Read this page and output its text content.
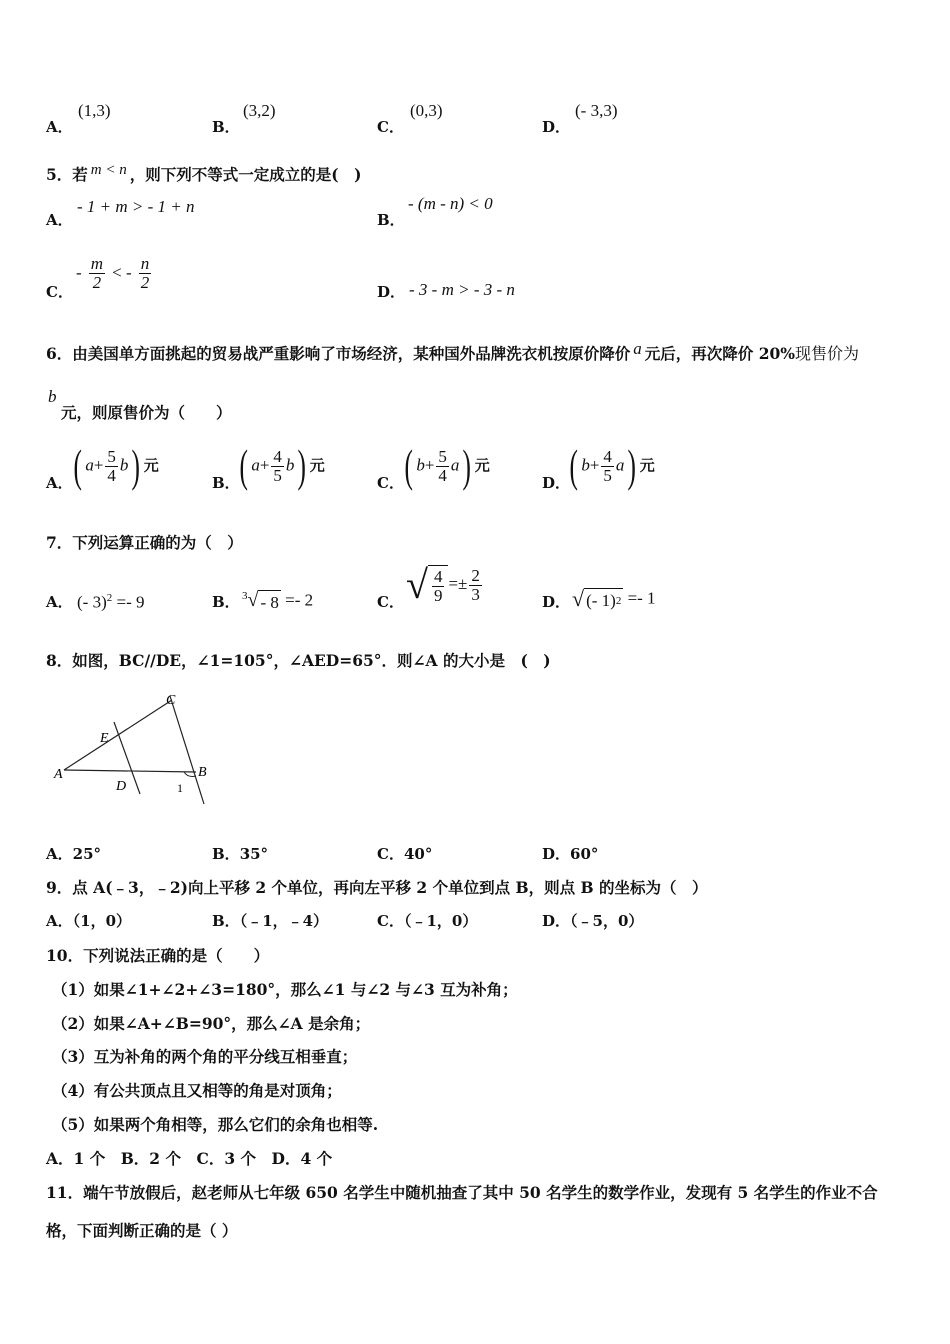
A．
(1,3)
B．
(3,2)
C．
(0,3)
D．
(- 3,3)
5．若 m < n ，则下列不等式一定成立的是(　)
A．
- 1 + m > - 1 + n
B．
- (m - n) < 0
C．
- $\frac{m}{2}$ < - $\frac{n}{2}$
D． - 3 - m > - 3 - n
6．由美国单方面挑起的贸易战严重影响了市场经济，某种国外品牌洗衣机按原价降价 a 元后，再次降价 20%现售价为
b
元，则原售价为（　　）
A． ( $a+ \frac{5}{4} b$) 元
B． ( $a+ \frac{4}{5} b$) 元
C． ( $b+ \frac{5}{4} a$) 元
D． ( $b+ \frac{4}{5} a$) 元
7．下列运算正确的为（　）
A． (- 3)$^2$ =- 9	B． $^3$ √ - 8 =- 2	C． √ $\frac{4}{9} =\pm \frac{2}{3}$	D． √ (- 1) 2 =- 1
8．如图，BC//DE，∠1=105°，∠AED=65°．则∠A 的大小是　(　)
A	B
C
D
E
1
A．25°	B．35°	C．40°	D．60°
9．点 A(﹣3，﹣2)向上平移 2 个单位，再向左平移 2 个单位到点 B，则点 B 的坐标为（　）
A．（1，0）	B．（﹣1，﹣4）	C．（﹣1，0）	D．（﹣5，0）
10．下列说法正确的是（　　）
（1）如果∠1+∠2+∠3=180°，那么∠1 与∠2 与∠3 互为补角；
（2）如果∠A+∠B=90°，那么∠A 是余角；
（3）互为补角的两个角的平分线互相垂直；
（4）有公共顶点且又相等的角是对顶角；
（5）如果两个角相等，那么它们的余角也相等.
A．1 个　B．2 个　C．3 个　D．4 个
11．端午节放假后，赵老师从七年级 650 名学生中随机抽查了其中 50 名学生的数学作业，发现有 5 名学生的作业不合
格，下面判断正确的是（ ）
